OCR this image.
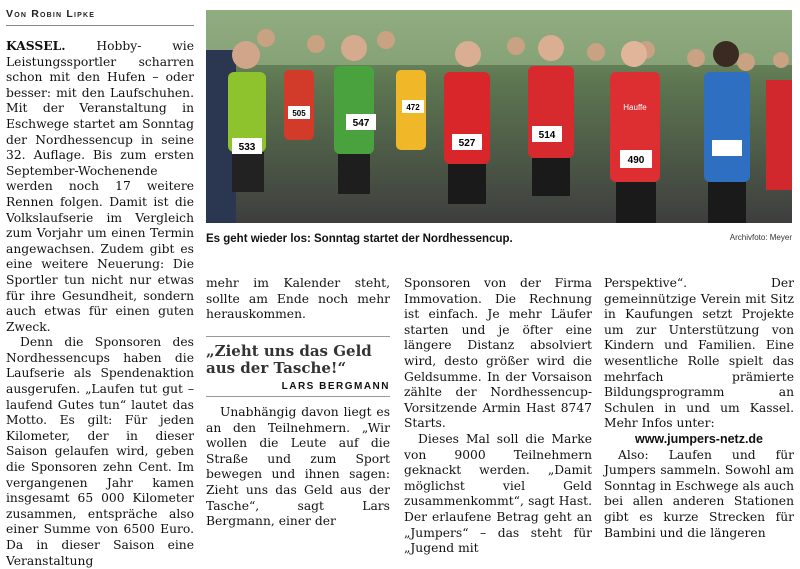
Von Robin Lipke

KASSEL. Hobby- wie Leistungssportler scharren schon mit den Hufen – oder besser: mit den Laufschuhen. Mit der Veranstaltung in Eschwege startet am Sonntag der Nordhessencup in seine 32. Auflage. Bis zum ersten September-Wochenende werden noch 17 weitere Rennen folgen. Damit ist die Volkslaufserie im Vergleich zum Vorjahr um einen Termin angewachsen. Zudem gibt es eine weitere Neuerung: Die Sportler tun nicht nur etwas für ihre Gesundheit, sondern auch etwas für einen guten Zweck.

Denn die Sponsoren des Nordhessencups haben die Laufserie als Spendenaktion ausgerufen. „Laufen tut gut – laufend Gutes tun“ lautet das Motto. Es gilt: Für jeden Kilometer, der in dieser Saison gelaufen wird, geben die Sponsoren zehn Cent. Im vergangenen Jahr kamen insgesamt 65 000 Kilometer zusammen, entspräche also einer Summe von 6500 Euro. Da in dieser Saison eine Veranstaltung

533
547
505
472
527
514
Hauffe
490
Es geht wieder los: Sonntag startet der Nordhessencup.	Archivfoto: Meyer

mehr im Kalender steht, sollte am Ende noch mehr herauskommen.

„Zieht uns das Geld aus der Tasche!“
LARS BERGMANN

Unabhängig davon liegt es an den Teilnehmern. „Wir wollen die Leute auf die Straße und zum Sport bewegen und ihnen sagen: Zieht uns das Geld aus der Tasche“, sagt Lars Bergmann, einer der

Sponsoren von der Firma Immovation. Die Rechnung ist einfach. Je mehr Läufer starten und je öfter eine längere Distanz absolviert wird, desto größer wird die Geldsumme. In der Vorsaison zählte der Nordhessencup-Vorsitzende Armin Hast 8747 Starts.

Dieses Mal soll die Marke von 9000 Teilnehmern geknackt werden. „Damit möglichst viel Geld zusammenkommt“, sagt Hast. Der erlaufene Betrag geht an „Jumpers“ – das steht für „Jugend mit

Perspektive“. Der gemeinnützige Verein mit Sitz in Kaufungen setzt Projekte um zur Unterstützung von Kindern und Familien. Eine wesentliche Rolle spielt das mehrfach prämierte Bildungsprogramm an Schulen in und um Kassel. Mehr Infos unter:

www.jumpers-netz.de

Also: Laufen und für Jumpers sammeln. Sowohl am Sonntag in Eschwege als auch bei allen anderen Stationen gibt es kurze Strecken für Bambini und die längeren
